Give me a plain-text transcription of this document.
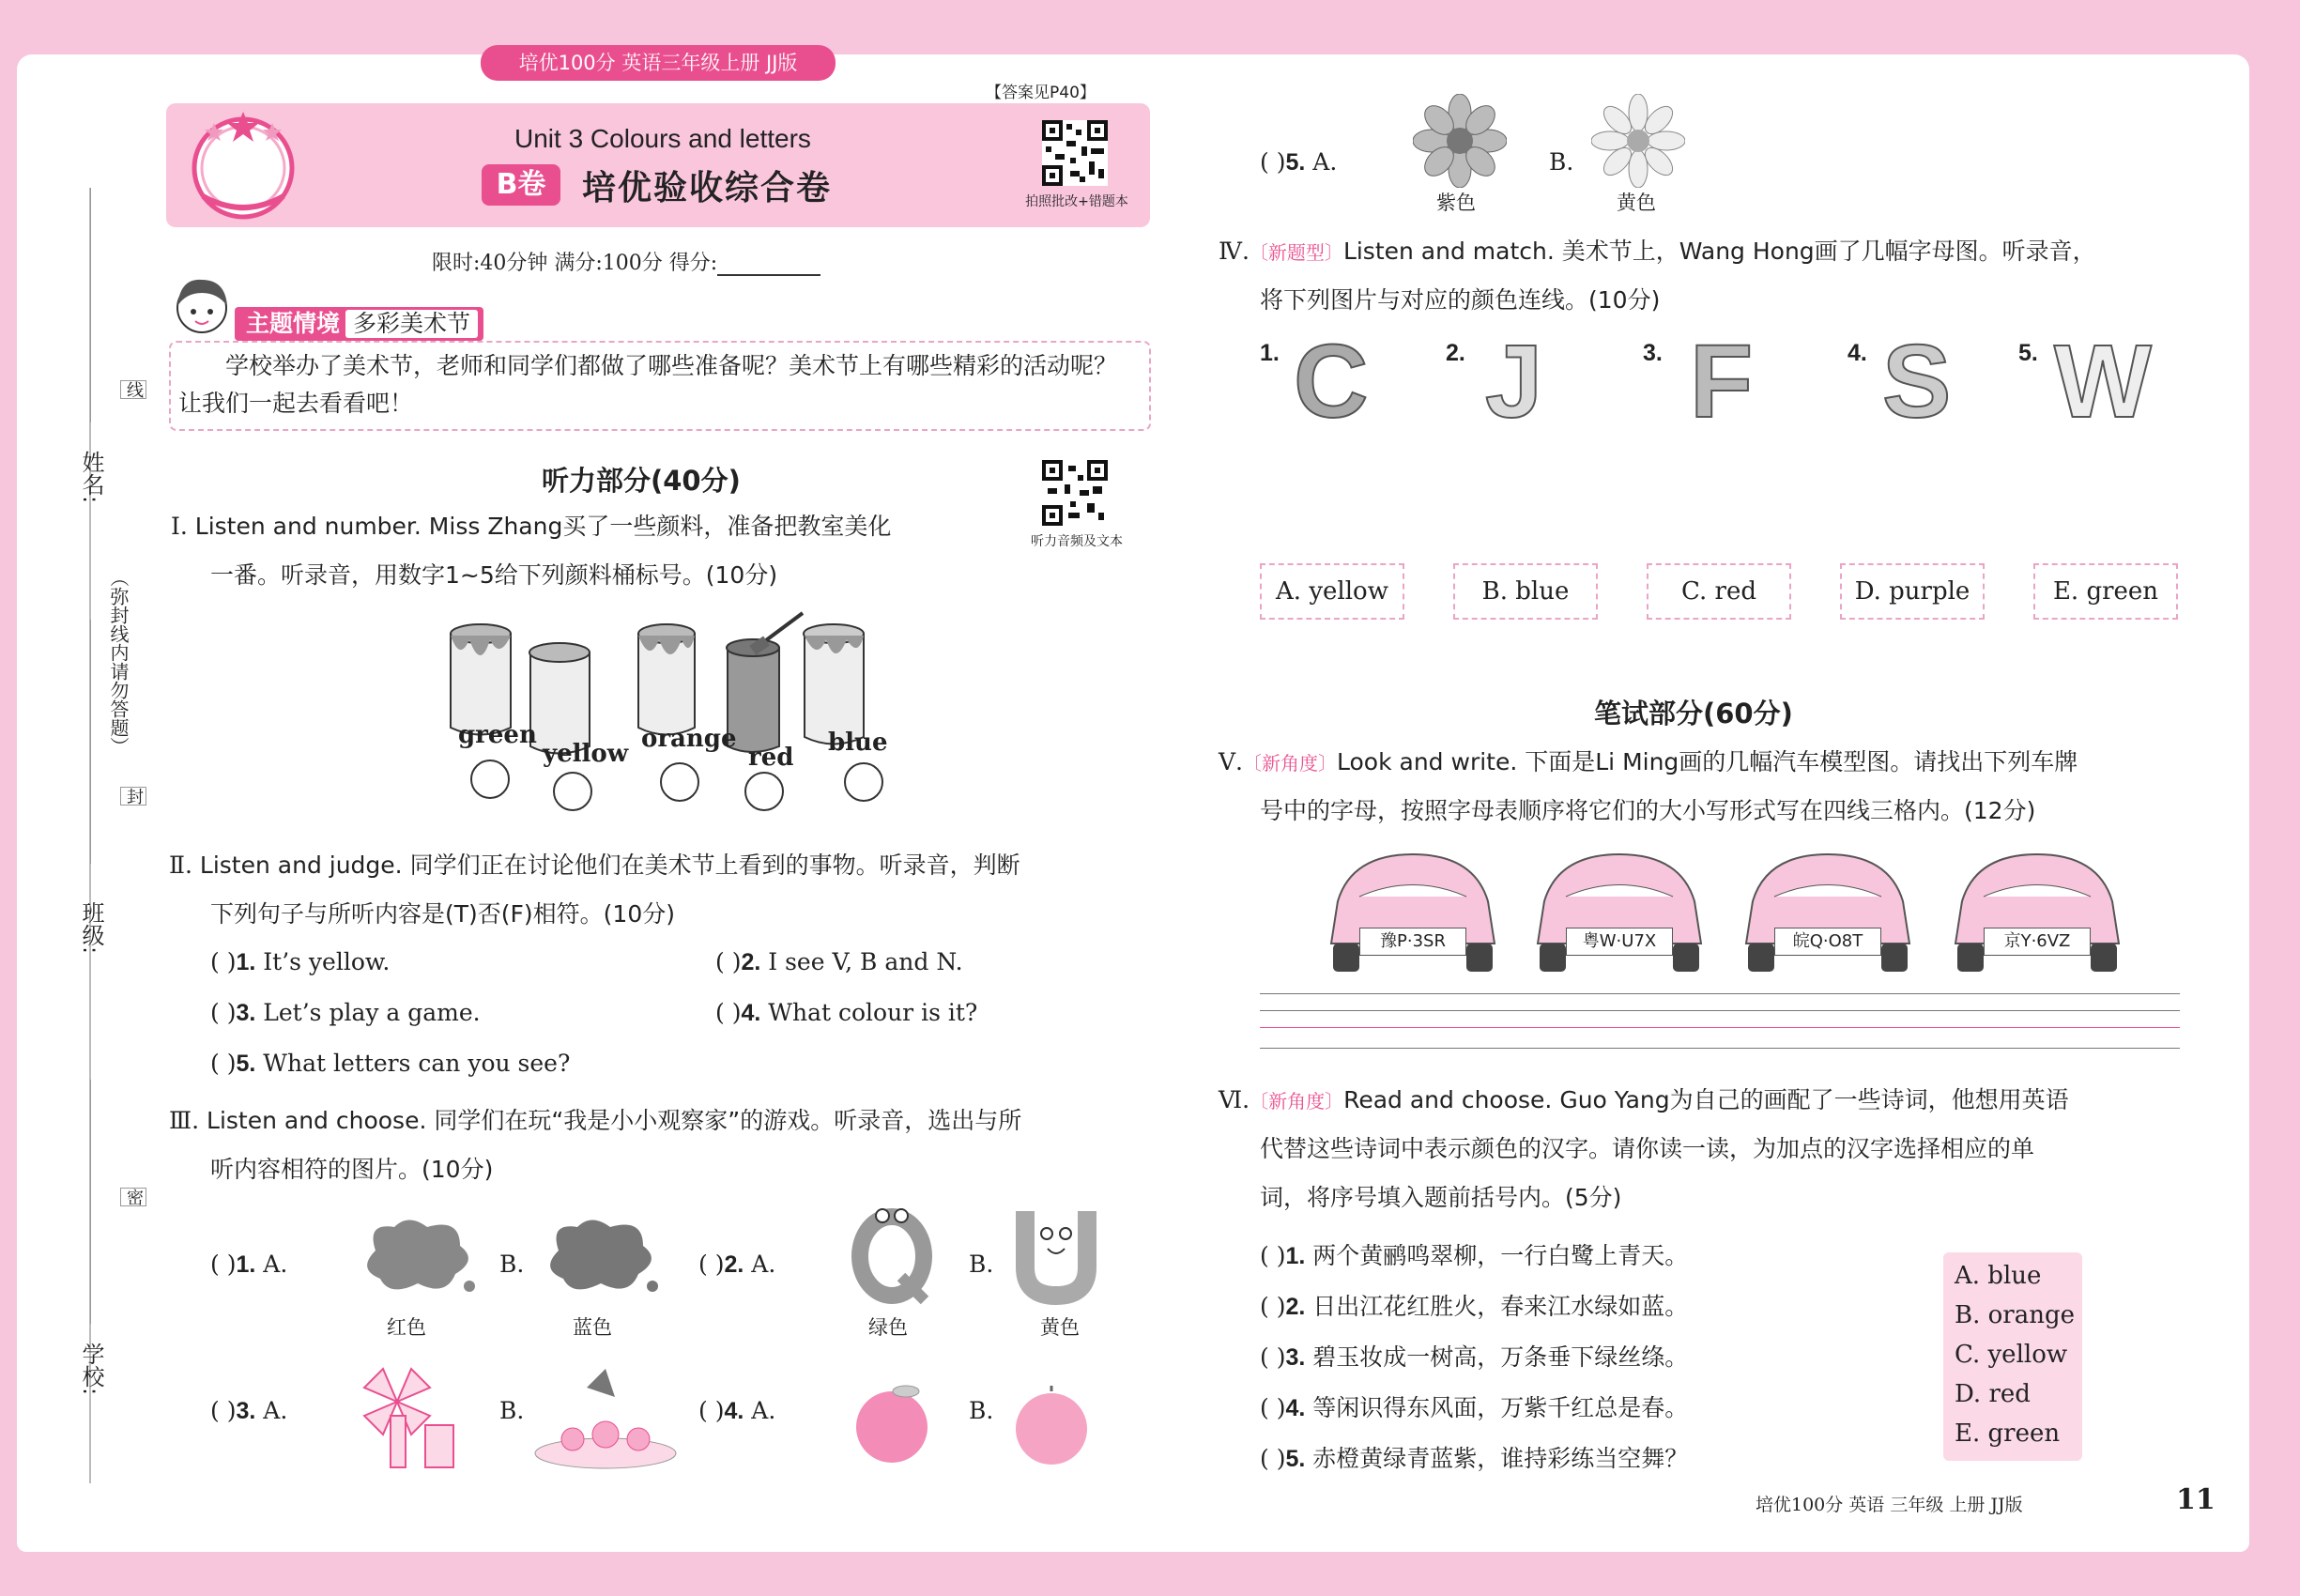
培优100分 英语三年级上册 JJ版
【答案见P40】
Unit 3 Colours and letters
B卷	培优验收综合卷	拍照批改+错题本
限时:40分钟 满分:100分 得分:
主题情境 多彩美术节
学校举办了美术节，老师和同学们都做了哪些准备呢？美术节上有哪些精彩的活动呢？让我们一起去看看吧！
姓名:
班级:
学校:
（弥封线内请勿答题）
线
封
密
听力部分(40分)
听力音频及文本
Ⅰ. Listen and number. Miss Zhang买了一些颜料，准备把教室美化
一番。听录音，用数字1~5给下列颜料桶标号。(10分)
green
yellow
orange
red
blue
Ⅱ. Listen and judge. 同学们正在讨论他们在美术节上看到的事物。听录音，判断
下列句子与所听内容是(T)否(F)相符。(10分)
( )1. It’s yellow.	( )2. I see V, B and N.
( )3. Let’s play a game.	( )4. What colour is it?
( )5. What letters can you see?
Ⅲ. Listen and choose. 同学们在玩“我是小小观察家”的游戏。听录音，选出与所
听内容相符的图片。(10分)
( )1. A.	B.
红色	蓝色
( )2. A.	B.
绿色	黄色
( )3. A.	B.	( )4. A.	B.
( )5. A.	B.
紫色	黄色
Ⅳ.〔新题型〕Listen and match. 美术节上，Wang Hong画了几幅字母图。听录音，
将下列图片与对应的颜色连线。(10分)
1.	2.	3.	4.	5.
C J F S W
A. yellow	B. blue	C. red	D. purple	E. green
笔试部分(60分)
Ⅴ.〔新角度〕Look and write. 下面是Li Ming画的几幅汽车模型图。请找出下列车牌
号中的字母，按照字母表顺序将它们的大小写形式写在四线三格内。(12分)
豫P·3SR	粤W·U7X	皖Q·O8T	京Y·6VZ
Ⅵ.〔新角度〕Read and choose. Guo Yang为自己的画配了一些诗词，他想用英语
代替这些诗词中表示颜色的汉字。请你读一读，为加点的汉字选择相应的单
词，将序号填入题前括号内。(5分)
( )1. 两个黄鹂鸣翠柳，一行白鹭上青天。
( )2. 日出江花红胜火，春来江水绿如蓝。
( )3. 碧玉妆成一树高，万条垂下绿丝绦。
( )4. 等闲识得东风面，万紫千红总是春。
( )5. 赤橙黄绿青蓝紫，谁持彩练当空舞？
A. blue
B. orange
C. yellow
D. red
E. green
培优100分 英语 三年级 上册 JJ版	11
